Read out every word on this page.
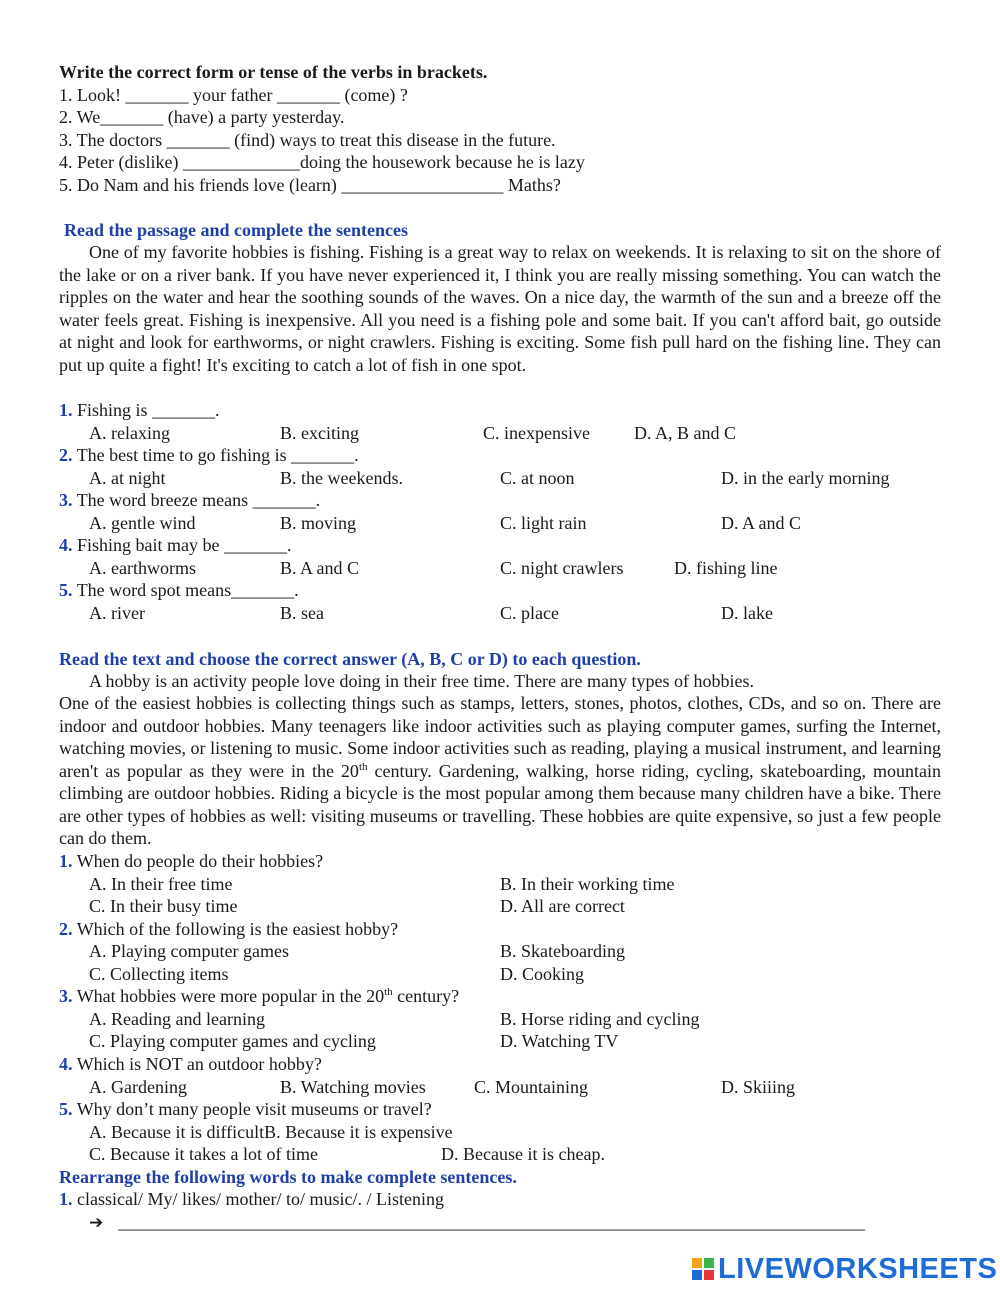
Write the correct form or tense of the verbs in brackets.
1. Look! _______ your father _______ (come) ?
2. We_______ (have) a party yesterday.
3. The doctors _______ (find) ways to treat this disease in the future.
4. Peter (dislike) _____________doing the housework because he is lazy
5. Do Nam and his friends love (learn) __________________ Maths?
Read the passage and complete the sentences
One of my favorite hobbies is fishing. Fishing is a great way to relax on weekends. It is relaxing to sit on the shore of the lake or on a river bank. If you have never experienced it, I think you are really missing something. You can watch the ripples on the water and hear the soothing sounds of the waves. On a nice day, the warmth of the sun and a breeze off the water feels great. Fishing is inexpensive. All you need is a fishing pole and some bait. If you can't afford bait, go outside at night and look for earthworms, or night crawlers. Fishing is exciting. Some fish pull hard on the fishing line. They can put up quite a fight! It's exciting to catch a lot of fish in one spot.
1. Fishing is _______.
A. relaxing	B. exciting	C. inexpensive D. A, B and C
2. The best time to go fishing is _______.
A. at night	B. the weekends.	C. at noon	D. in the early morning
3. The word breeze means _______.
A. gentle wind	B. moving	C. light rain	D. A and C
4. Fishing bait may be _______.
A. earthworms	B. A and C	C. night crawlers	D. fishing line
5. The word spot means_______.
A. river	B. sea	C. place	D. lake
Read the text and choose the correct answer (A, B, C or D) to each question.
A hobby is an activity people love doing in their free time. There are many types of hobbies.
One of the easiest hobbies is collecting things such as stamps, letters, stones, photos, clothes, CDs, and so on. There are indoor and outdoor hobbies. Many teenagers like indoor activities such as playing computer games, surfing the Internet, watching movies, or listening to music. Some indoor activities such as reading, playing a musical instrument, and learning aren't as popular as they were in the 20th century. Gardening, walking, horse riding, cycling, skateboarding, mountain climbing are outdoor hobbies. Riding a bicycle is the most popular among them because many children have a bike. There are other types of hobbies as well: visiting museums or travelling. These hobbies are quite expensive, so just a few people can do them.
1. When do people do their hobbies?
A. In their free time	B. In their working time
C. In their busy time	D. All are correct
2. Which of the following is the easiest hobby?
A. Playing computer games	B. Skateboarding
C. Collecting items	D. Cooking
3. What hobbies were more popular in the 20th century?
A. Reading and learning	B. Horse riding and cycling
C. Playing computer games and cycling	D. Watching TV
4. Which is NOT an outdoor hobby?
A. Gardening	B. Watching movies	C. Mountaining	D. Skiiing
5. Why don’t many people visit museums or travel?
A. Because it is difficultB. Because it is expensive
C. Because it takes a lot of time	D. Because it is cheap.
Rearrange the following words to make complete sentences.
1. classical/ My/ likes/ mother/ to/ music/. / Listening
➔ ___________________________________________________________________________________
LIVEWORKSHEETS
